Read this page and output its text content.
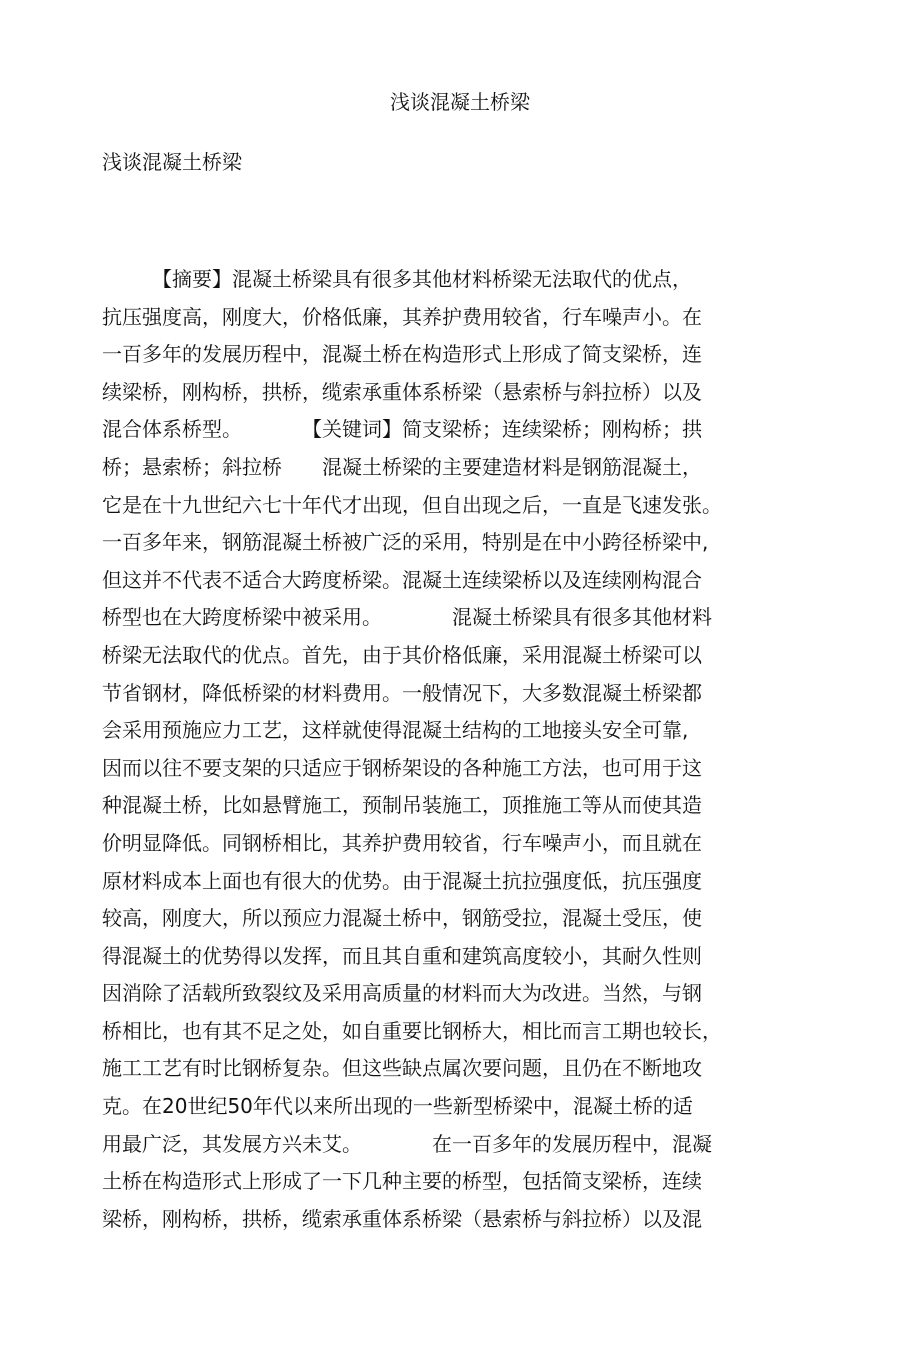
浅谈混凝土桥梁

浅谈混凝土桥梁

　　　【摘要】混凝土桥梁具有很多其他材料桥梁无法取代的优点，
抗压强度高，刚度大，价格低廉，其养护费用较省，行车噪声小。在
一百多年的发展历程中，混凝土桥在构造形式上形成了简支梁桥，连
续梁桥，刚构桥，拱桥，缆索承重体系桥梁（悬索桥与斜拉桥）以及
混合体系桥型。　　　　【关键词】简支梁桥；连续梁桥；刚构桥；拱
桥；悬索桥；斜拉桥　　混凝土桥梁的主要建造材料是钢筋混凝土，
它是在十九世纪六七十年代才出现，但自出现之后，一直是飞速发张。
一百多年来，钢筋混凝土桥被广泛的采用，特别是在中小跨径桥梁中,
但这并不代表不适合大跨度桥梁。混凝土连续梁桥以及连续刚构混合
桥型也在大跨度桥梁中被采用。　　　　混凝土桥梁具有很多其他材料
桥梁无法取代的优点。首先，由于其价格低廉，采用混凝土桥梁可以
节省钢材，降低桥梁的材料费用。一般情况下，大多数混凝土桥梁都
会采用预施应力工艺，这样就使得混凝土结构的工地接头安全可靠,
因而以往不要支架的只适应于钢桥架设的各种施工方法，也可用于这
种混凝土桥，比如悬臂施工，预制吊装施工，顶推施工等从而使其造
价明显降低。同钢桥相比，其养护费用较省，行车噪声小，而且就在
原材料成本上面也有很大的优势。由于混凝土抗拉强度低，抗压强度
较高，刚度大，所以预应力混凝土桥中，钢筋受拉，混凝土受压，使
得混凝土的优势得以发挥，而且其自重和建筑高度较小，其耐久性则
因消除了活载所致裂纹及采用高质量的材料而大为改进。当然，与钢
桥相比，也有其不足之处，如自重要比钢桥大，相比而言工期也较长，
施工工艺有时比钢桥复杂。但这些缺点属次要问题，且仍在不断地攻
克。在20世纪50年代以来所出现的一些新型桥梁中，混凝土桥的适
用最广泛，其发展方兴未艾。　　　　在一百多年的发展历程中，混凝
土桥在构造形式上形成了一下几种主要的桥型，包括简支梁桥，连续
梁桥，刚构桥，拱桥，缆索承重体系桥梁（悬索桥与斜拉桥）以及混
